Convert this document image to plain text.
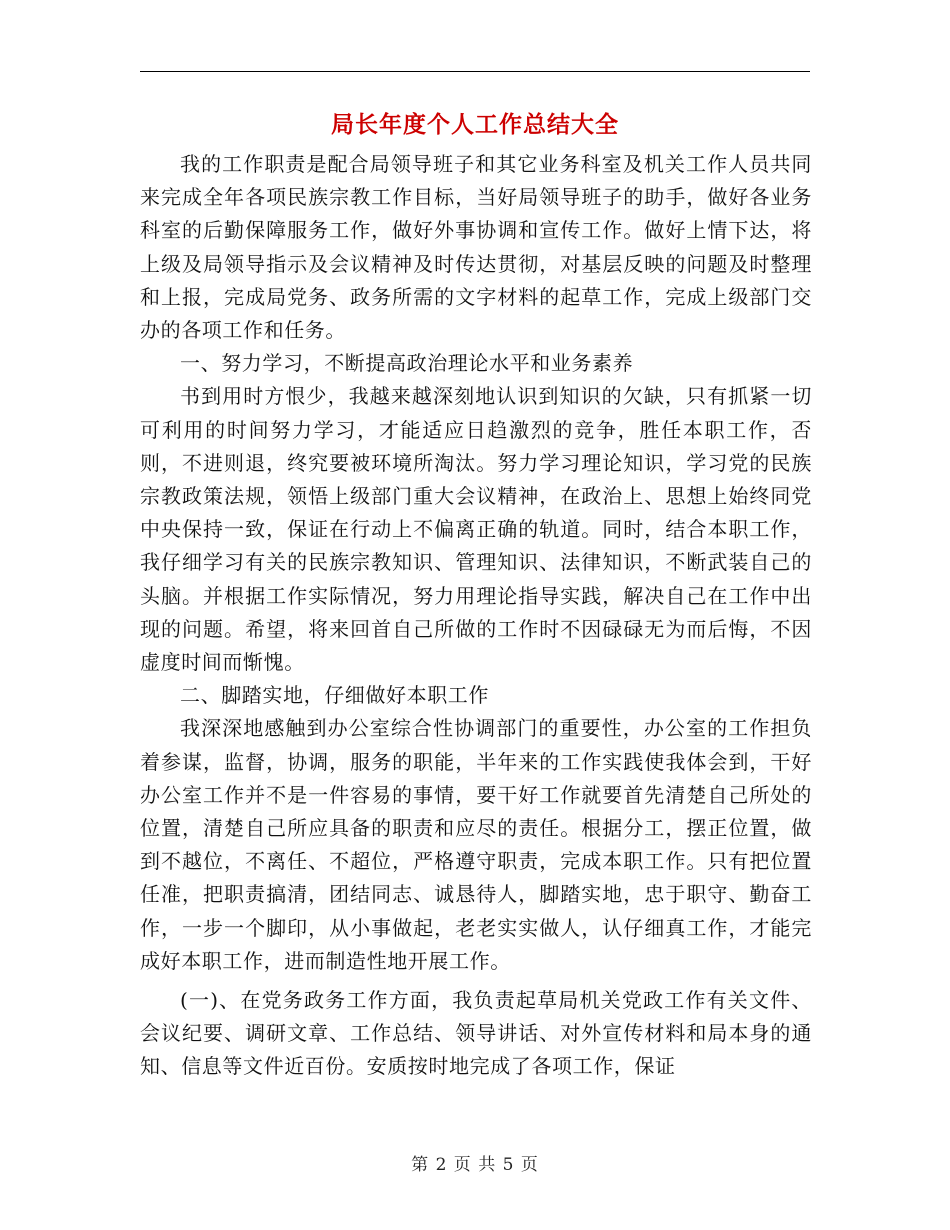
局长年度个人工作总结大全

我的工作职责是配合局领导班子和其它业务科室及机关工作人员共同来完成全年各项民族宗教工作目标，当好局领导班子的助手，做好各业务科室的后勤保障服务工作，做好外事协调和宣传工作。做好上情下达，将上级及局领导指示及会议精神及时传达贯彻，对基层反映的问题及时整理和上报，完成局党务、政务所需的文字材料的起草工作，完成上级部门交办的各项工作和任务。

一、努力学习，不断提高政治理论水平和业务素养

书到用时方恨少，我越来越深刻地认识到知识的欠缺，只有抓紧一切可利用的时间努力学习，才能适应日趋激烈的竞争，胜任本职工作，否则，不进则退，终究要被环境所淘汰。努力学习理论知识，学习党的民族宗教政策法规，领悟上级部门重大会议精神，在政治上、思想上始终同党中央保持一致，保证在行动上不偏离正确的轨道。同时，结合本职工作，我仔细学习有关的民族宗教知识、管理知识、法律知识，不断武装自己的头脑。并根据工作实际情况，努力用理论指导实践，解决自己在工作中出现的问题。希望，将来回首自己所做的工作时不因碌碌无为而后悔，不因虚度时间而惭愧。

二、脚踏实地，仔细做好本职工作

我深深地感触到办公室综合性协调部门的重要性，办公室的工作担负着参谋，监督，协调，服务的职能，半年来的工作实践使我体会到，干好办公室工作并不是一件容易的事情，要干好工作就要首先清楚自己所处的位置，清楚自己所应具备的职责和应尽的责任。根据分工，摆正位置，做到不越位，不离任、不超位，严格遵守职责，完成本职工作。只有把位置任准，把职责搞清，团结同志、诚恳待人，脚踏实地，忠于职守、勤奋工作，一步一个脚印，从小事做起，老老实实做人，认仔细真工作，才能完成好本职工作，进而制造性地开展工作。

(一)、在党务政务工作方面，我负责起草局机关党政工作有关文件、会议纪要、调研文章、工作总结、领导讲话、对外宣传材料和局本身的通知、信息等文件近百份。安质按时地完成了各项工作，保证

第 2 页 共 5 页
